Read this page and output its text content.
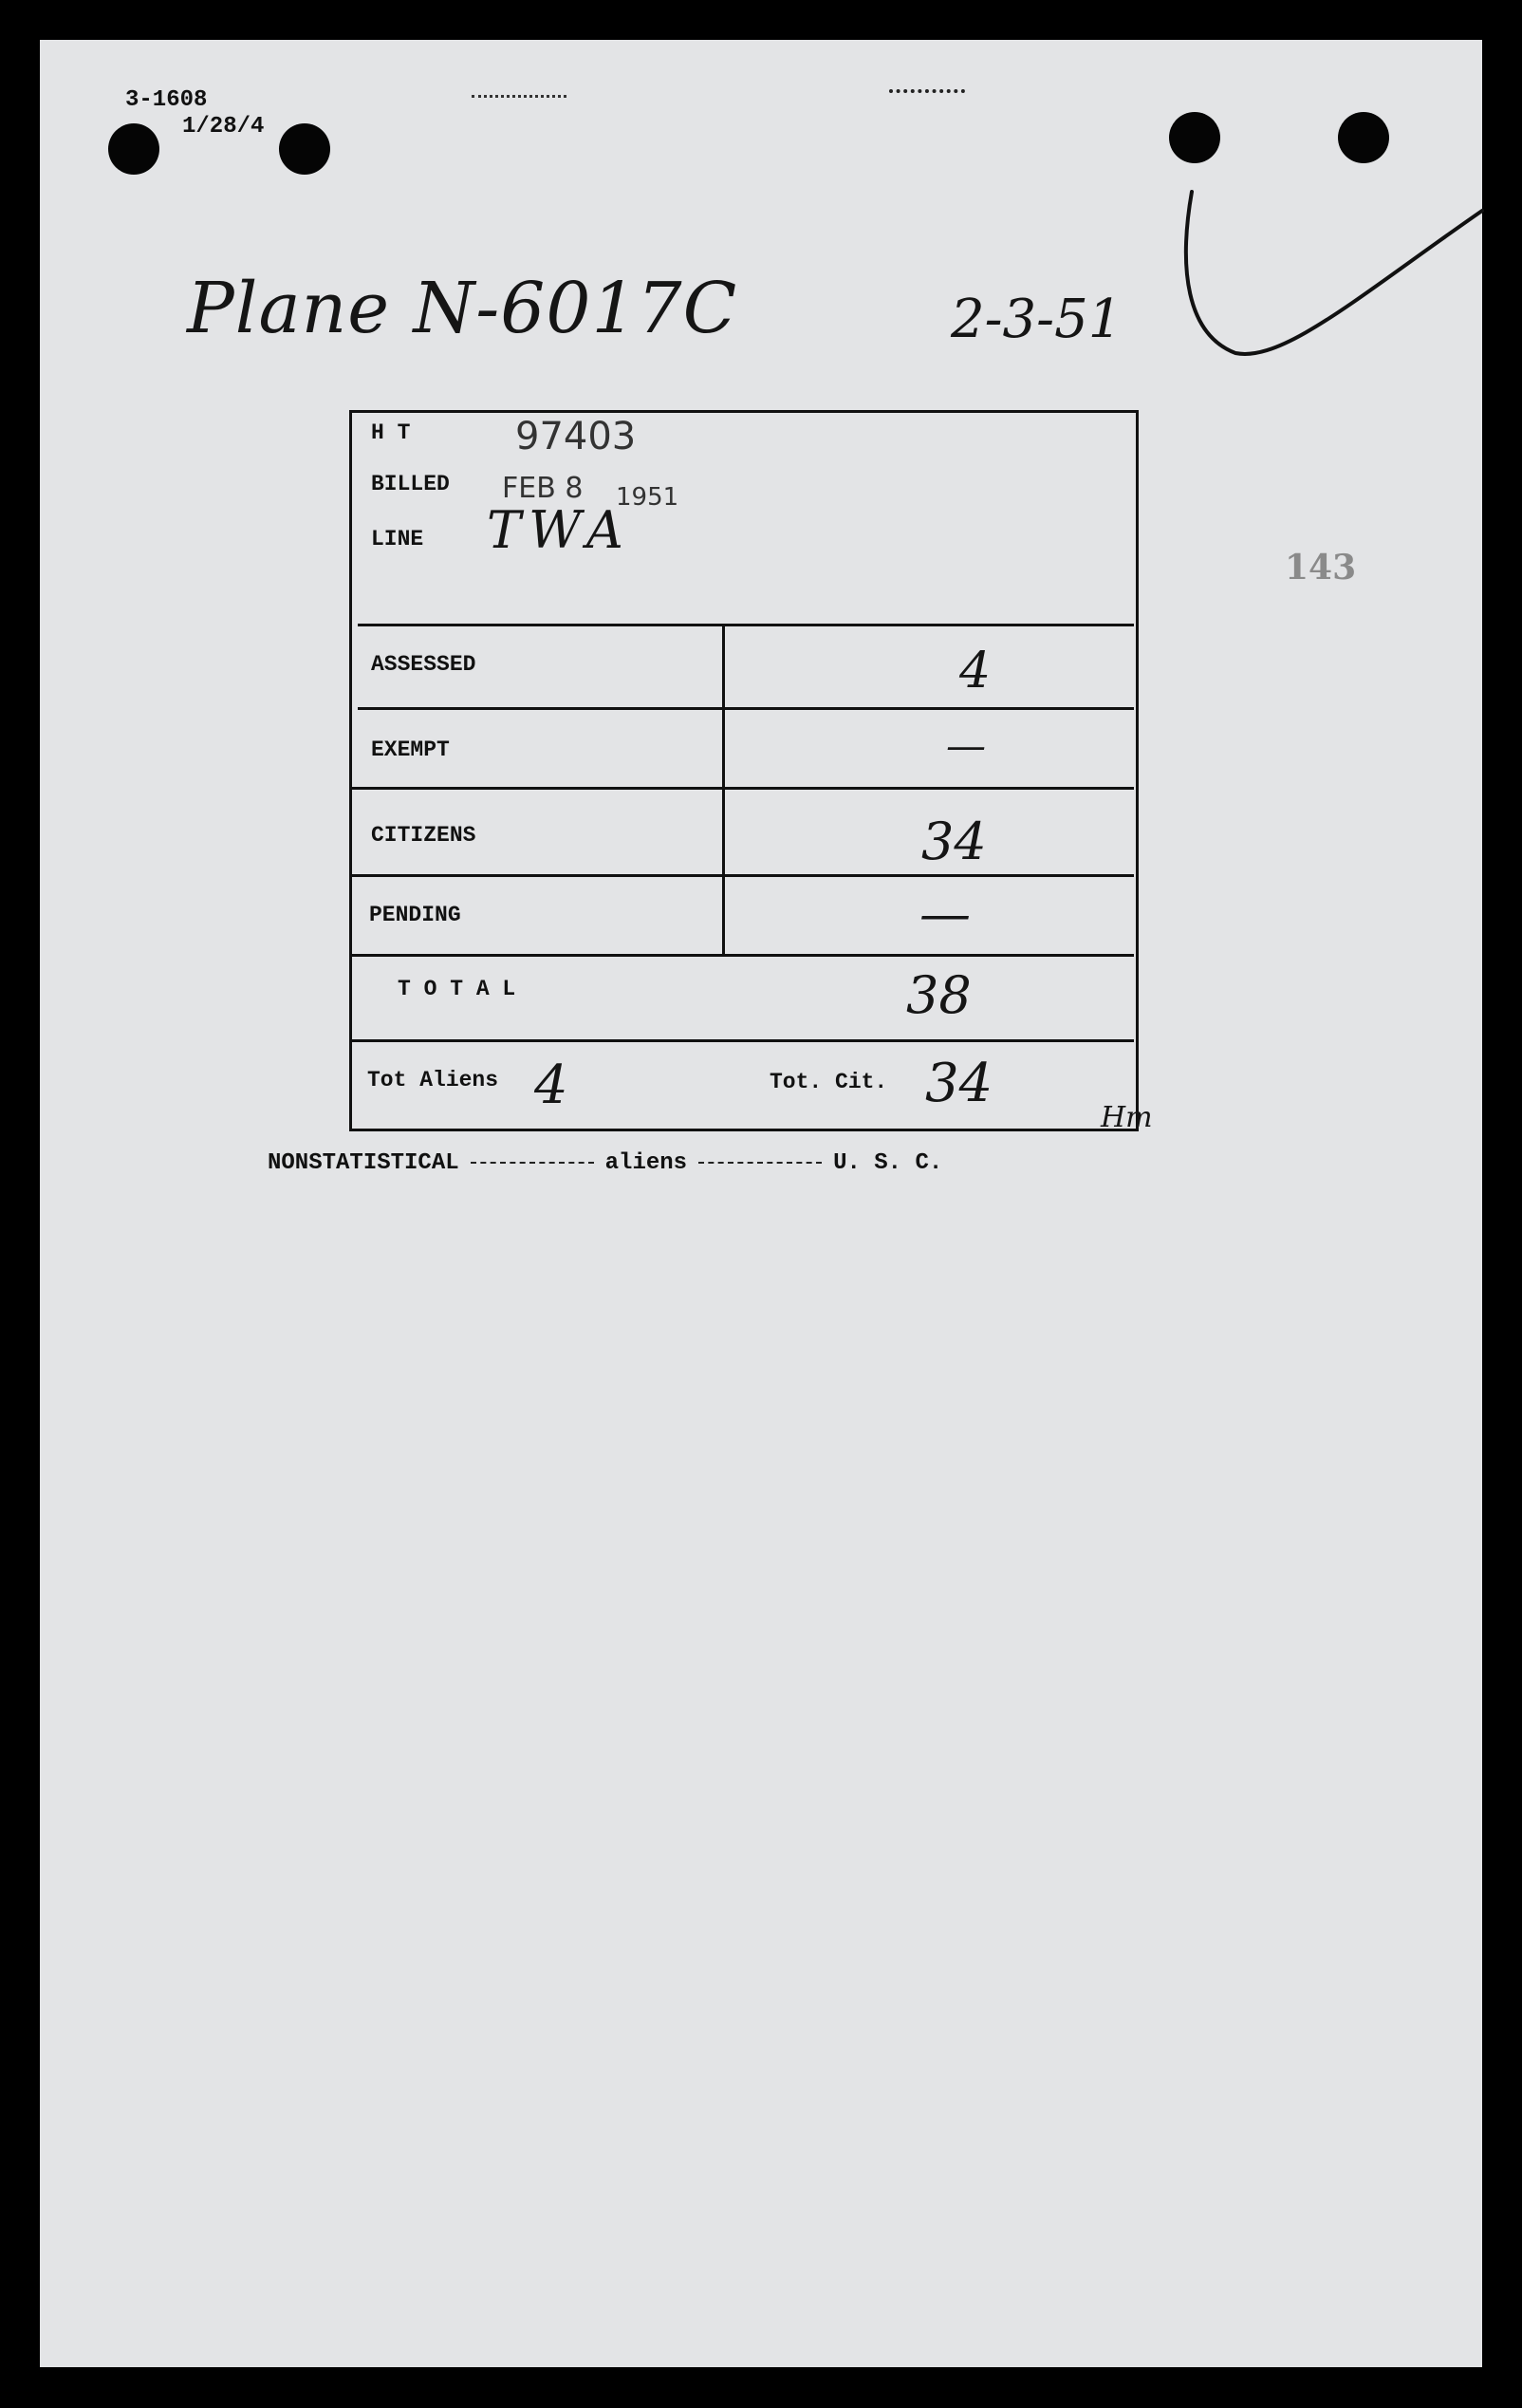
3-1608
1/28/4
Plane N-6017C	2-3-51
143
H T	97403
BILLED FEB 8 1951
LINE TWA
ASSESSED	4
EXEMPT	—
CITIZENS	34
PENDING	—
T O T A L	38
Tot Aliens 4	Tot. Cit. 34
Hm
NONSTATISTICAL	aliens	U. S. C.
